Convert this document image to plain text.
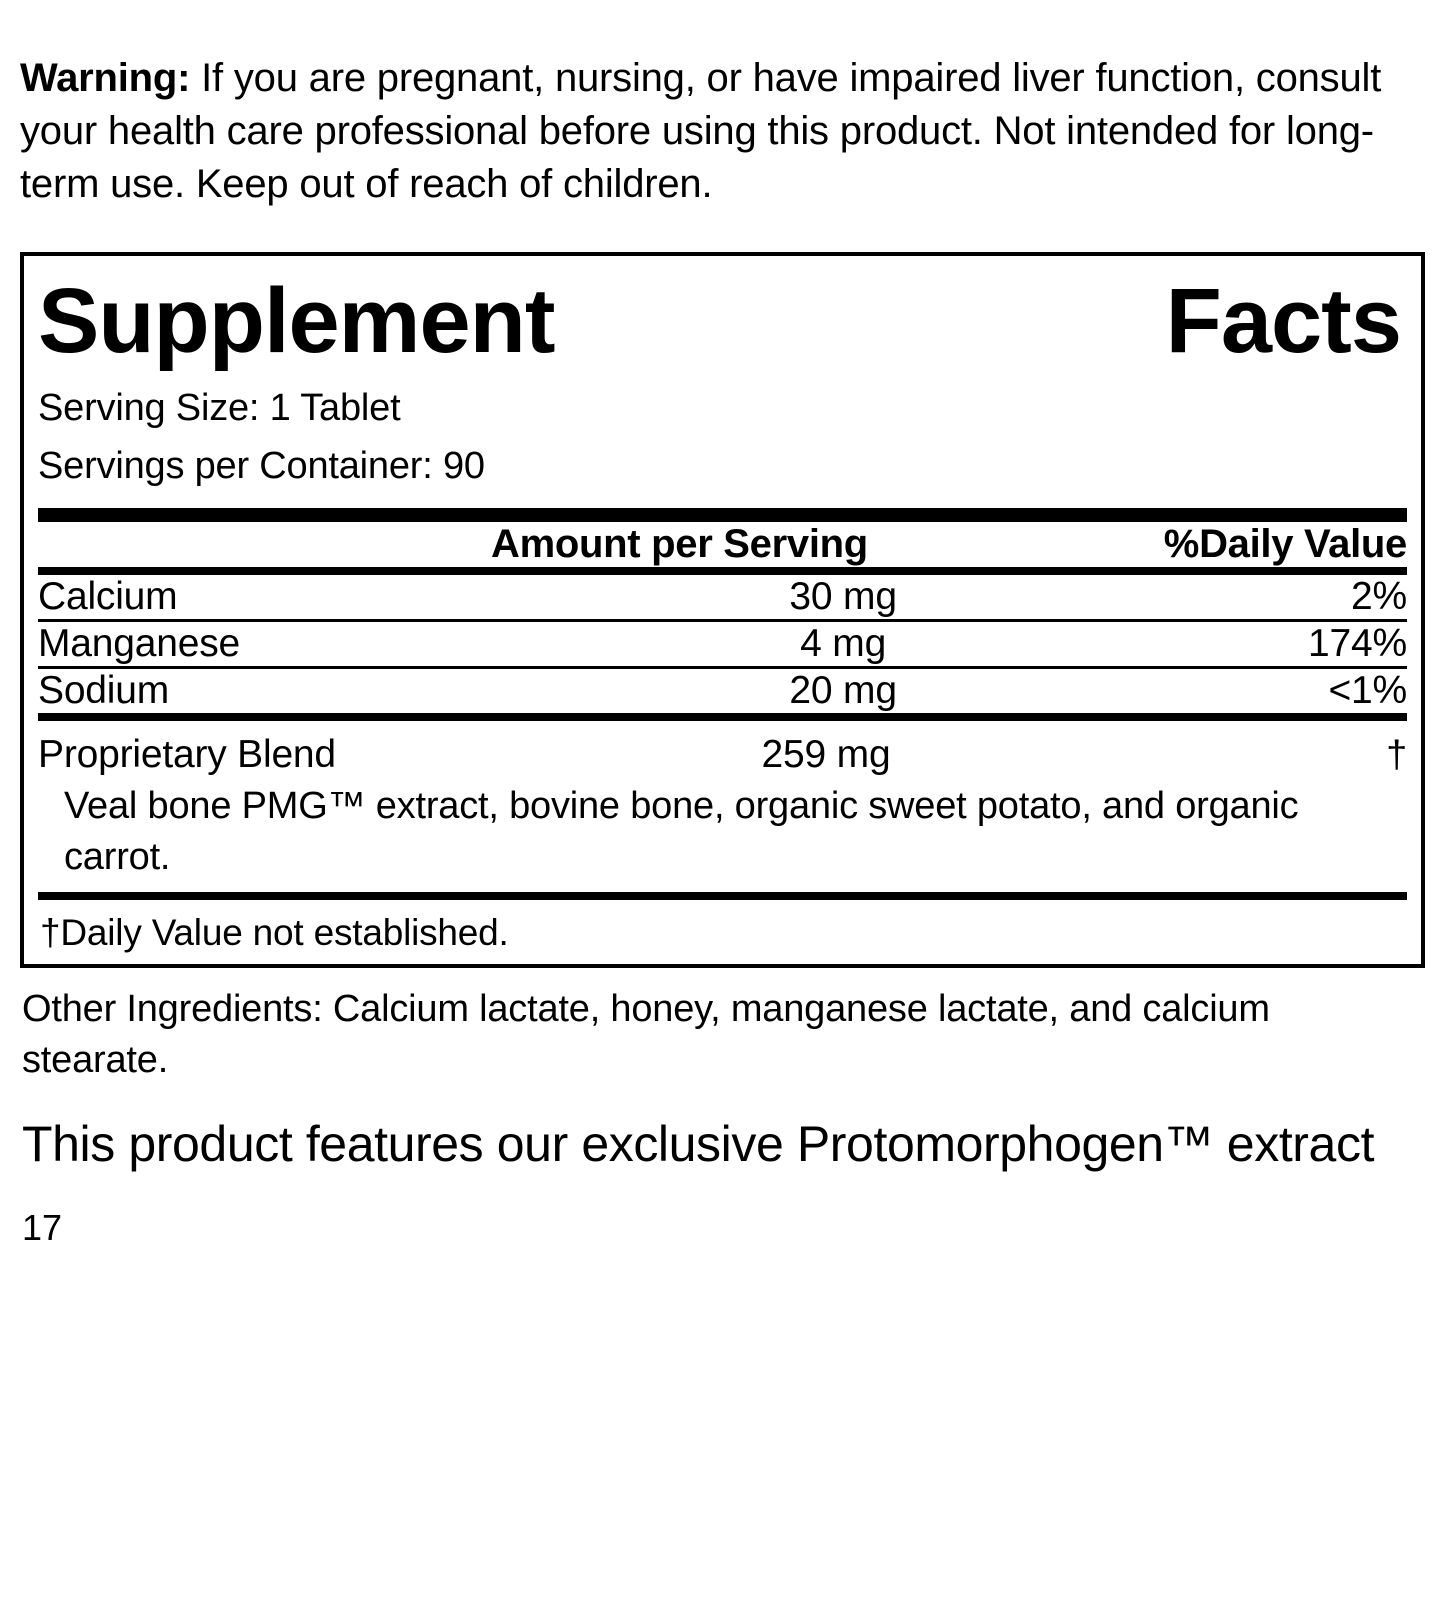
Warning: If you are pregnant, nursing, or have impaired liver function, consult your health care professional before using this product. Not intended for long-term use. Keep out of reach of children.

Supplement	Facts
Serving Size: 1 Tablet
Servings per Container: 90
	Amount per Serving	%Daily Value
Calcium	30 mg	2%

Manganese	4 mg	174%

Sodium	20 mg	<1%
Proprietary Blend	259 mg	†
Veal bone PMG™ extract, bovine bone, organic sweet potato, and organic carrot.
†Daily Value not established.
Other Ingredients: Calcium lactate, honey, manganese lactate, and calcium stearate.
This product features our exclusive Protomorphogen™ extract
17
